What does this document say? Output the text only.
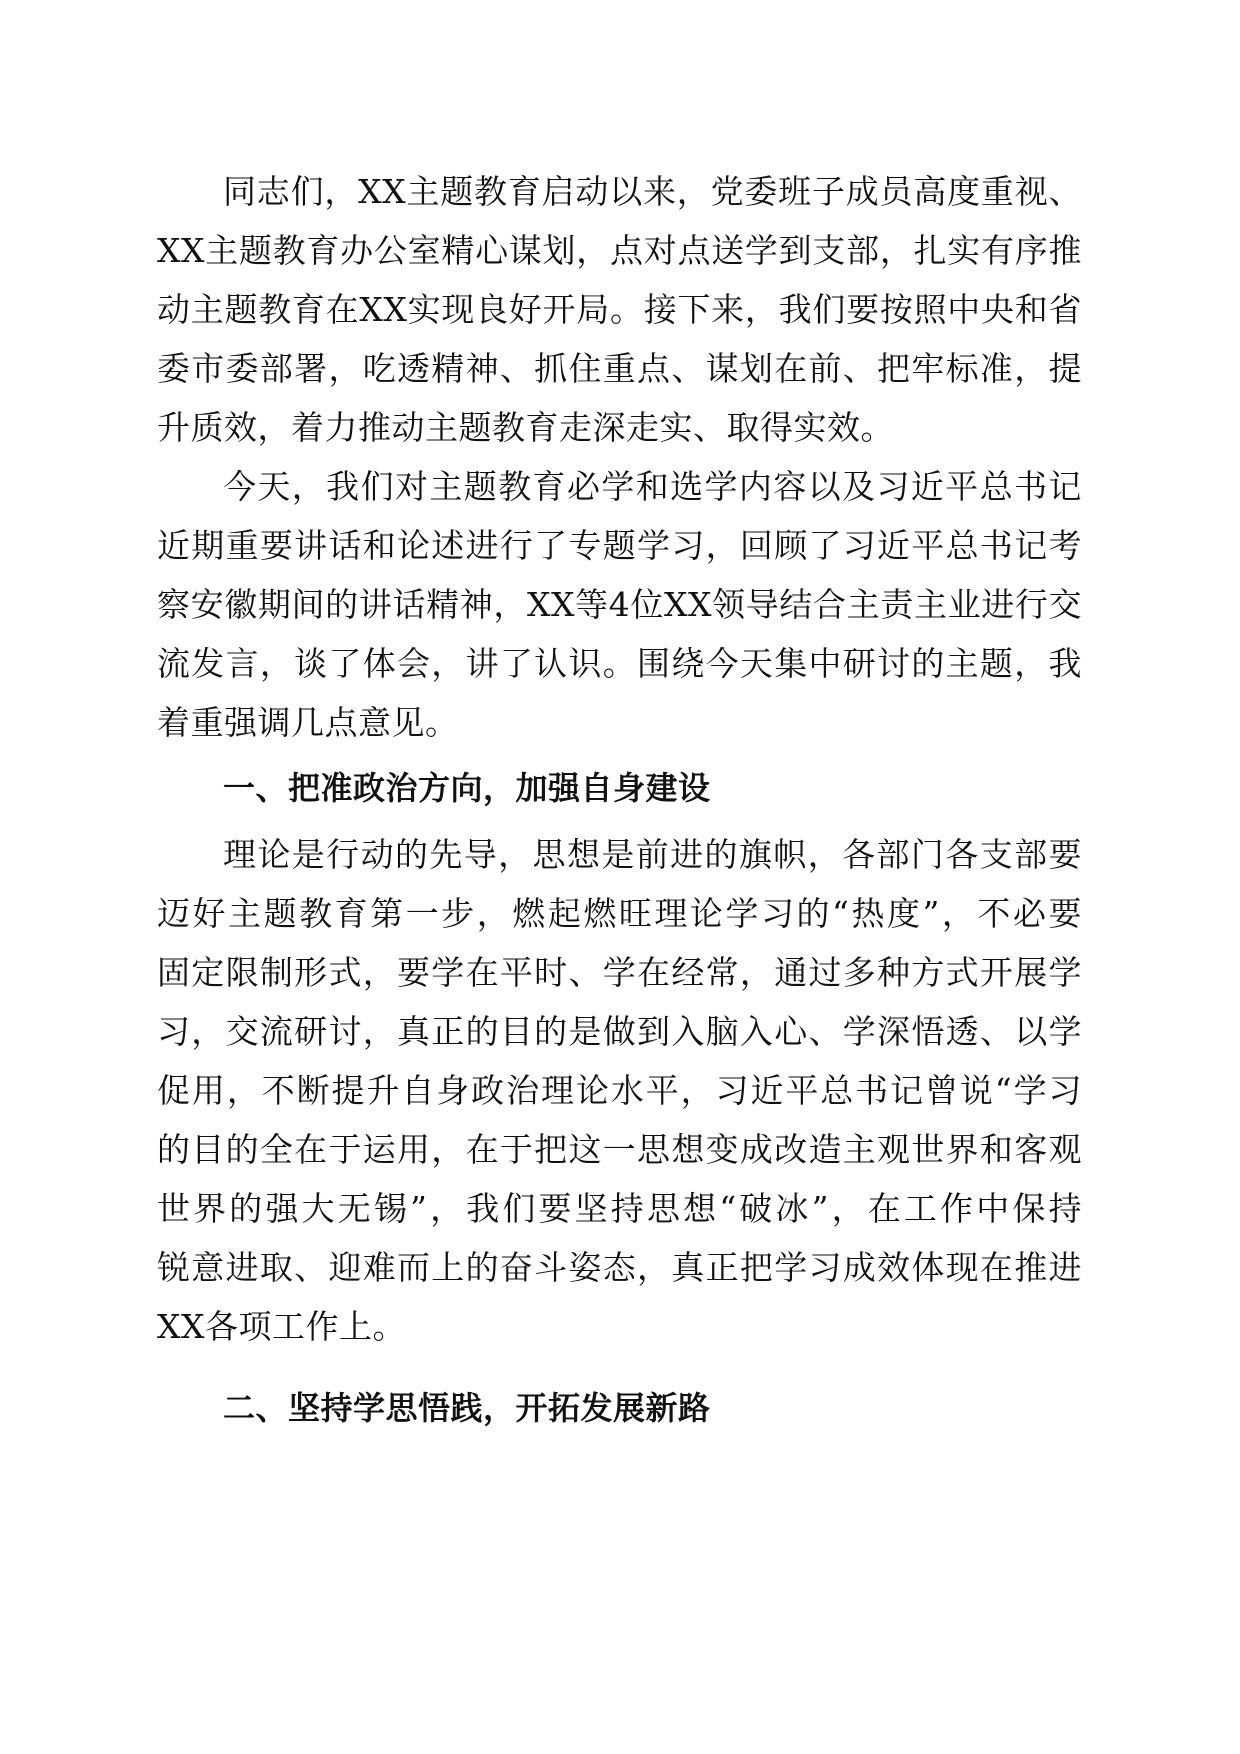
同志们，XX主题教育启动以来，党委班子成员高度重视、
XX主题教育办公室精心谋划，点对点送学到支部，扎实有序推
动主题教育在XX实现良好开局。接下来，我们要按照中央和省
委市委部署，吃透精神、抓住重点、谋划在前、把牢标准，提
升质效，着力推动主题教育走深走实、取得实效。
今天，我们对主题教育必学和选学内容以及习近平总书记
近期重要讲话和论述进行了专题学习，回顾了习近平总书记考
察安徽期间的讲话精神，XX等4位XX领导结合主责主业进行交
流发言，谈了体会，讲了认识。围绕今天集中研讨的主题，我
着重强调几点意见。
一、把准政治方向，加强自身建设
理论是行动的先导，思想是前进的旗帜，各部门各支部要
迈好主题教育第一步，燃起燃旺理论学习的“热度”，不必要
固定限制形式，要学在平时、学在经常，通过多种方式开展学
习，交流研讨，真正的目的是做到入脑入心、学深悟透、以学
促用，不断提升自身政治理论水平，习近平总书记曾说“学习
的目的全在于运用，在于把这一思想变成改造主观世界和客观
世界的强大无锡”，我们要坚持思想“破冰”，在工作中保持
锐意进取、迎难而上的奋斗姿态，真正把学习成效体现在推进
XX各项工作上。
二、坚持学思悟践，开拓发展新路
